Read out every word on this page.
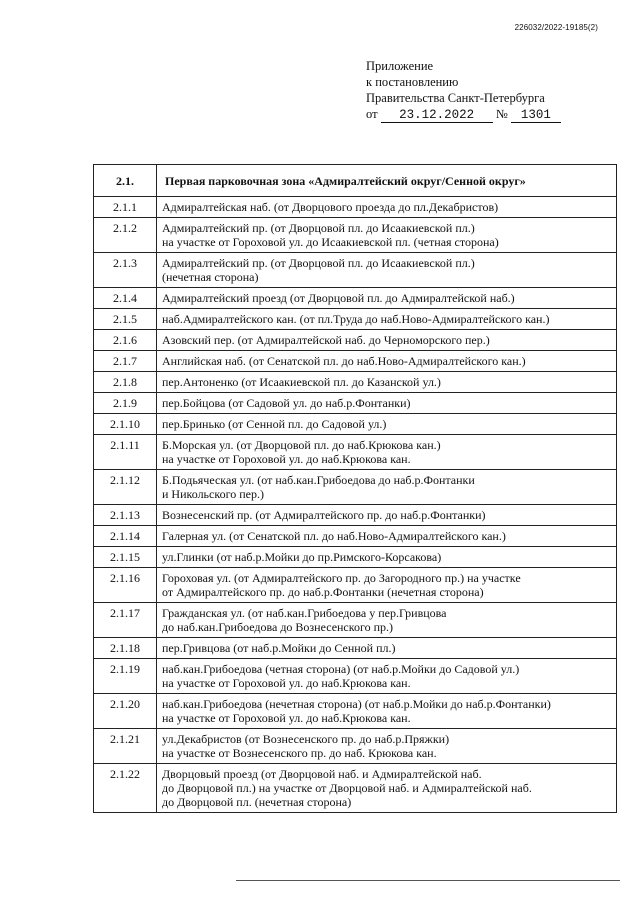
226032/2022-19185(2)
Приложение
к постановлению
Правительства Санкт-Петербурга
от 23.12.2022 № 1301
2.1.	Первая парковочная зона «Адмиралтейский округ/Сенной округ»
2.1.1	Адмиралтейская наб. (от Дворцового проезда до пл.Декабристов)

2.1.2	Адмиралтейский пр. (от Дворцовой пл. до Исаакиевской пл.)
на участке от Гороховой ул. до Исаакиевской пл. (четная сторона)

2.1.3	Адмиралтейский пр. (от Дворцовой пл. до Исаакиевской пл.)
(нечетная сторона)

2.1.4	Адмиралтейский проезд (от Дворцовой пл. до Адмиралтейской наб.)

2.1.5	наб.Адмиралтейского кан. (от пл.Труда до наб.Ново-Адмиралтейского кан.)

2.1.6	Азовский пер. (от Адмиралтейской наб. до Черноморского пер.)

2.1.7	Английская наб. (от Сенатской пл. до наб.Ново-Адмиралтейского кан.)

2.1.8	пер.Антоненко (от Исаакиевской пл. до Казанской ул.)

2.1.9	пер.Бойцова (от Садовой ул. до наб.р.Фонтанки)

2.1.10	пер.Бринько (от Сенной пл. до Садовой ул.)

2.1.11	Б.Морская ул. (от Дворцовой пл. до наб.Крюкова кан.)
на участке от Гороховой ул. до наб.Крюкова кан.

2.1.12	Б.Подьяческая ул. (от наб.кан.Грибоедова до наб.р.Фонтанки
и Никольского пер.)

2.1.13	Вознесенский пр. (от Адмиралтейского пр. до наб.р.Фонтанки)

2.1.14	Галерная ул. (от Сенатской пл. до наб.Ново-Адмиралтейского кан.)

2.1.15	ул.Глинки (от наб.р.Мойки до пр.Римского-Корсакова)

2.1.16	Гороховая ул. (от Адмиралтейского пр. до Загородного пр.) на участке
от Адмиралтейского пр. до наб.р.Фонтанки (нечетная сторона)

2.1.17	Гражданская ул. (от наб.кан.Грибоедова у пер.Гривцова
до наб.кан.Грибоедова до Вознесенского пр.)

2.1.18	пер.Гривцова (от наб.р.Мойки до Сенной пл.)

2.1.19	наб.кан.Грибоедова (четная сторона) (от наб.р.Мойки до Садовой ул.)
на участке от Гороховой ул. до наб.Крюкова кан.

2.1.20	наб.кан.Грибоедова (нечетная сторона) (от наб.р.Мойки до наб.р.Фонтанки)
на участке от Гороховой ул. до наб.Крюкова кан.

2.1.21	ул.Декабристов (от Вознесенского пр. до наб.р.Пряжки)
на участке от Вознесенского пр. до наб. Крюкова кан.

2.1.22	Дворцовый проезд (от Дворцовой наб. и Адмиралтейской наб.
до Дворцовой пл.) на участке от Дворцовой наб. и Адмиралтейской наб.
до Дворцовой пл. (нечетная сторона)
